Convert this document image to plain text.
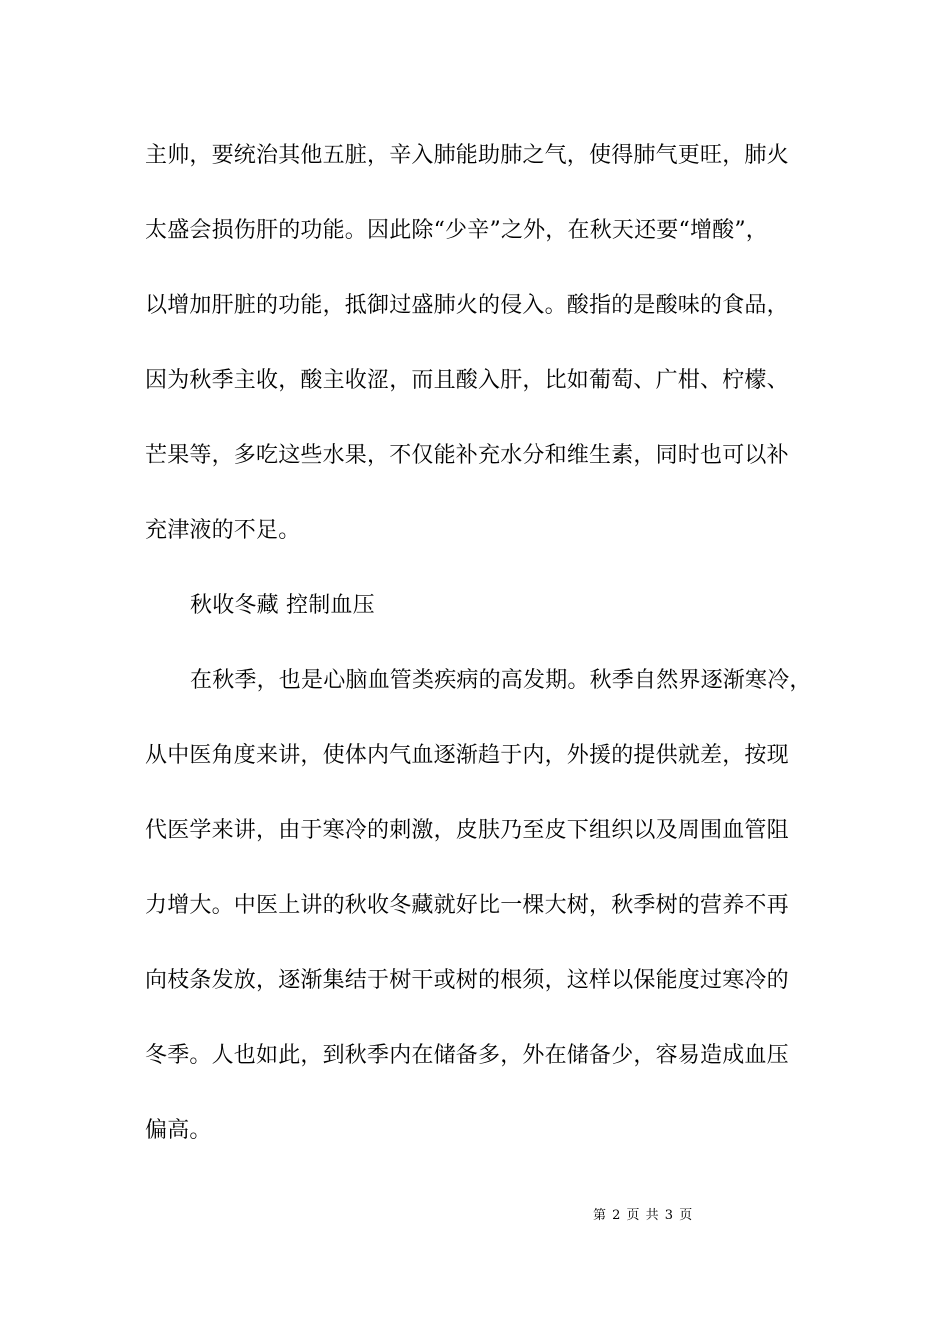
主帅，要统治其他五脏，辛入肺能助肺之气，使得肺气更旺，肺火
太盛会损伤肝的功能。因此除“少辛”之外，在秋天还要“增酸”，
以增加肝脏的功能，抵御过盛肺火的侵入。酸指的是酸味的食品，
因为秋季主收，酸主收涩，而且酸入肝，比如葡萄、广柑、柠檬、
芒果等，多吃这些水果，不仅能补充水分和维生素，同时也可以补
充津液的不足。
秋收冬藏 控制血压
在秋季，也是心脑血管类疾病的高发期。秋季自然界逐渐寒冷，
从中医角度来讲，使体内气血逐渐趋于内，外援的提供就差，按现
代医学来讲，由于寒冷的刺激，皮肤乃至皮下组织以及周围血管阻
力增大。中医上讲的秋收冬藏就好比一棵大树，秋季树的营养不再
向枝条发放，逐渐集结于树干或树的根须，这样以保能度过寒冷的
冬季。人也如此，到秋季内在储备多，外在储备少，容易造成血压
偏高。
第 2 页 共 3 页
